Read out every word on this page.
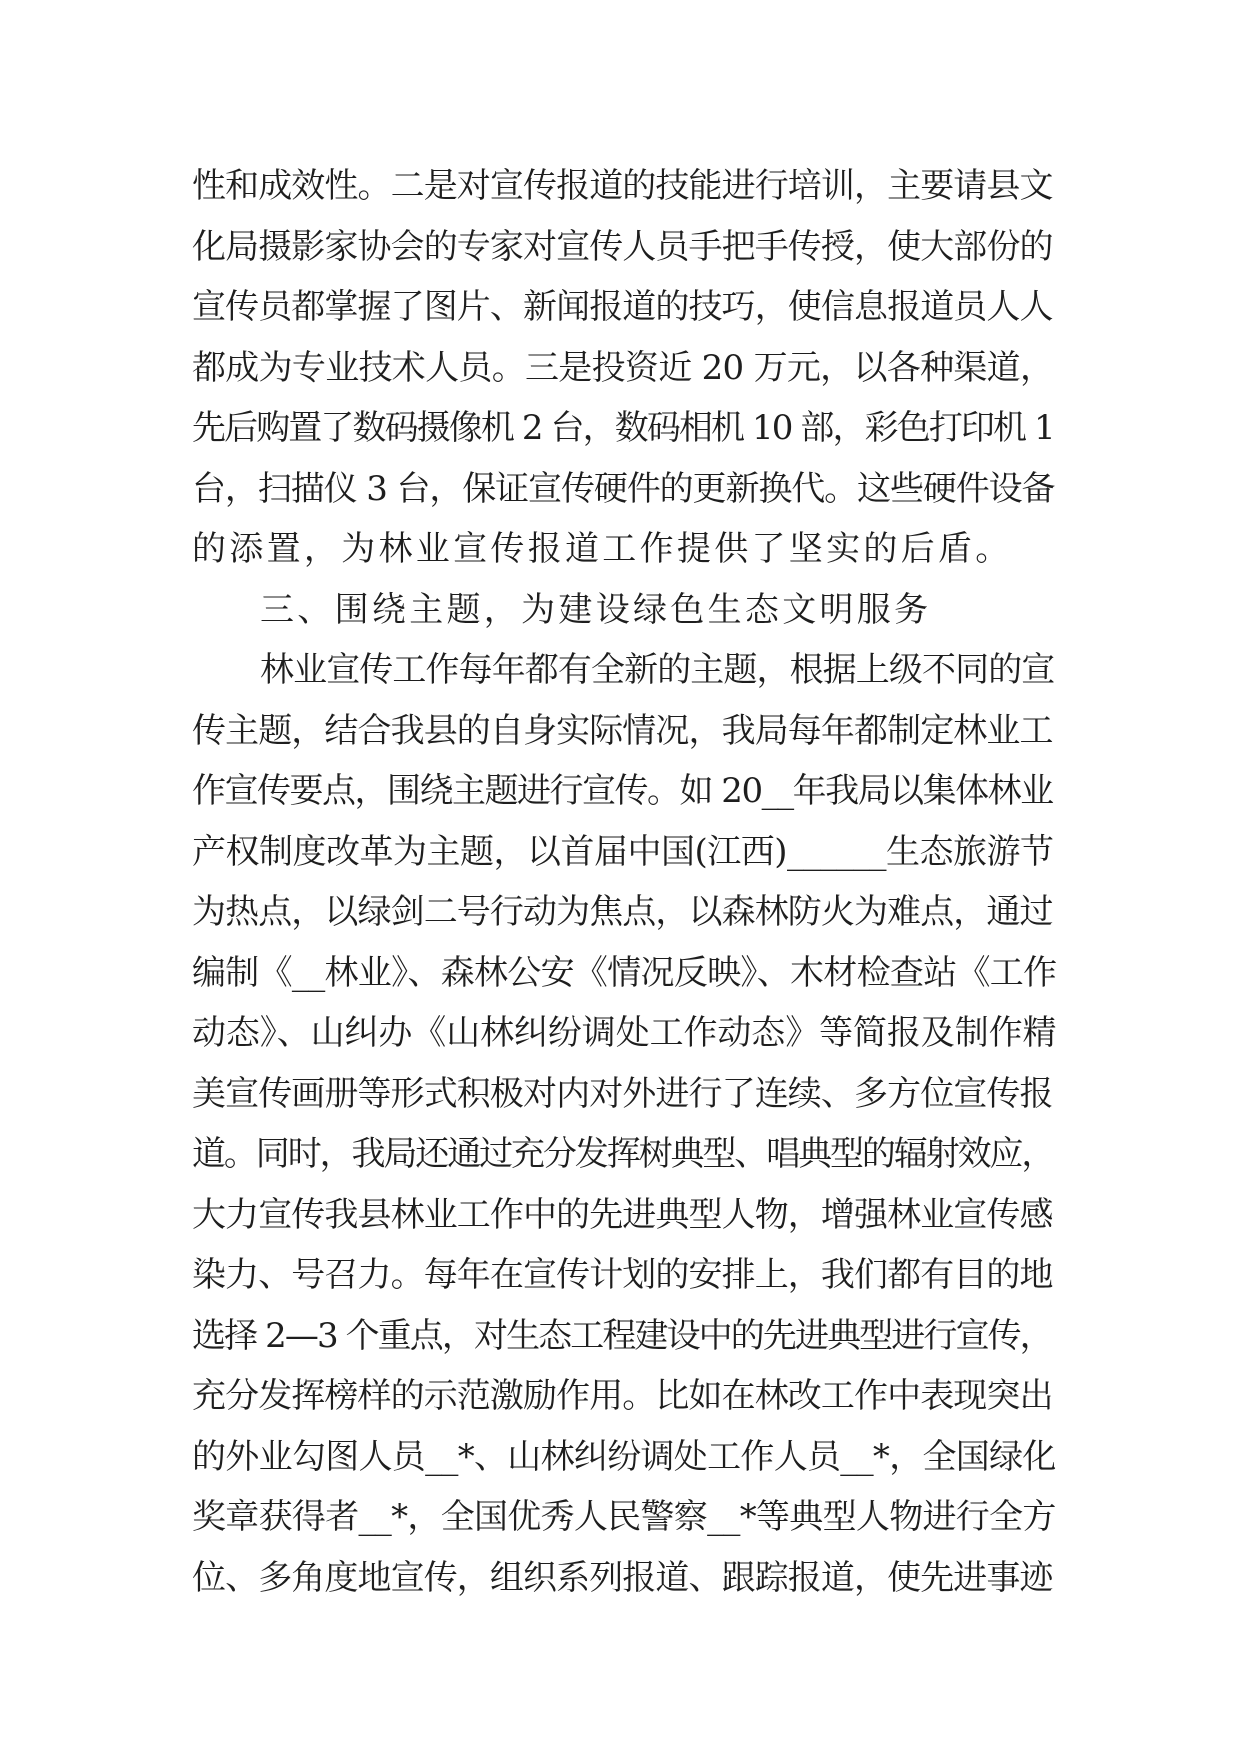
性和成效性。二是对宣传报道的技能进行培训，主要请县文
化局摄影家协会的专家对宣传人员手把手传授，使大部份的
宣传员都掌握了图片、新闻报道的技巧，使信息报道员人人
都成为专业技术人员。三是投资近 20 万元，以各种渠道，
先后购置了数码摄像机 2 台，数码相机 10 部，彩色打印机 1
台，扫描仪 3 台，保证宣传硬件的更新换代。这些硬件设备
的添置，为林业宣传报道工作提供了坚实的后盾。
三、围绕主题，为建设绿色生态文明服务
林业宣传工作每年都有全新的主题，根据上级不同的宣
传主题，结合我县的自身实际情况，我局每年都制定林业工
作宣传要点，围绕主题进行宣传。如 20__年我局以集体林业
产权制度改革为主题，以首届中国(江西)______生态旅游节
为热点，以绿剑二号行动为焦点，以森林防火为难点，通过
编制《__林业》、森林公安《情况反映》、木材检查站《工作
动态》、山纠办《山林纠纷调处工作动态》等简报及制作精
美宣传画册等形式积极对内对外进行了连续、多方位宣传报
道。同时，我局还通过充分发挥树典型、唱典型的辐射效应，
大力宣传我县林业工作中的先进典型人物，增强林业宣传感
染力、号召力。每年在宣传计划的安排上，我们都有目的地
选择 2—3 个重点，对生态工程建设中的先进典型进行宣传，
充分发挥榜样的示范激励作用。比如在林改工作中表现突出
的外业勾图人员__*、山林纠纷调处工作人员__*，全国绿化
奖章获得者__*，全国优秀人民警察__*等典型人物进行全方
位、多角度地宣传，组织系列报道、跟踪报道，使先进事迹
